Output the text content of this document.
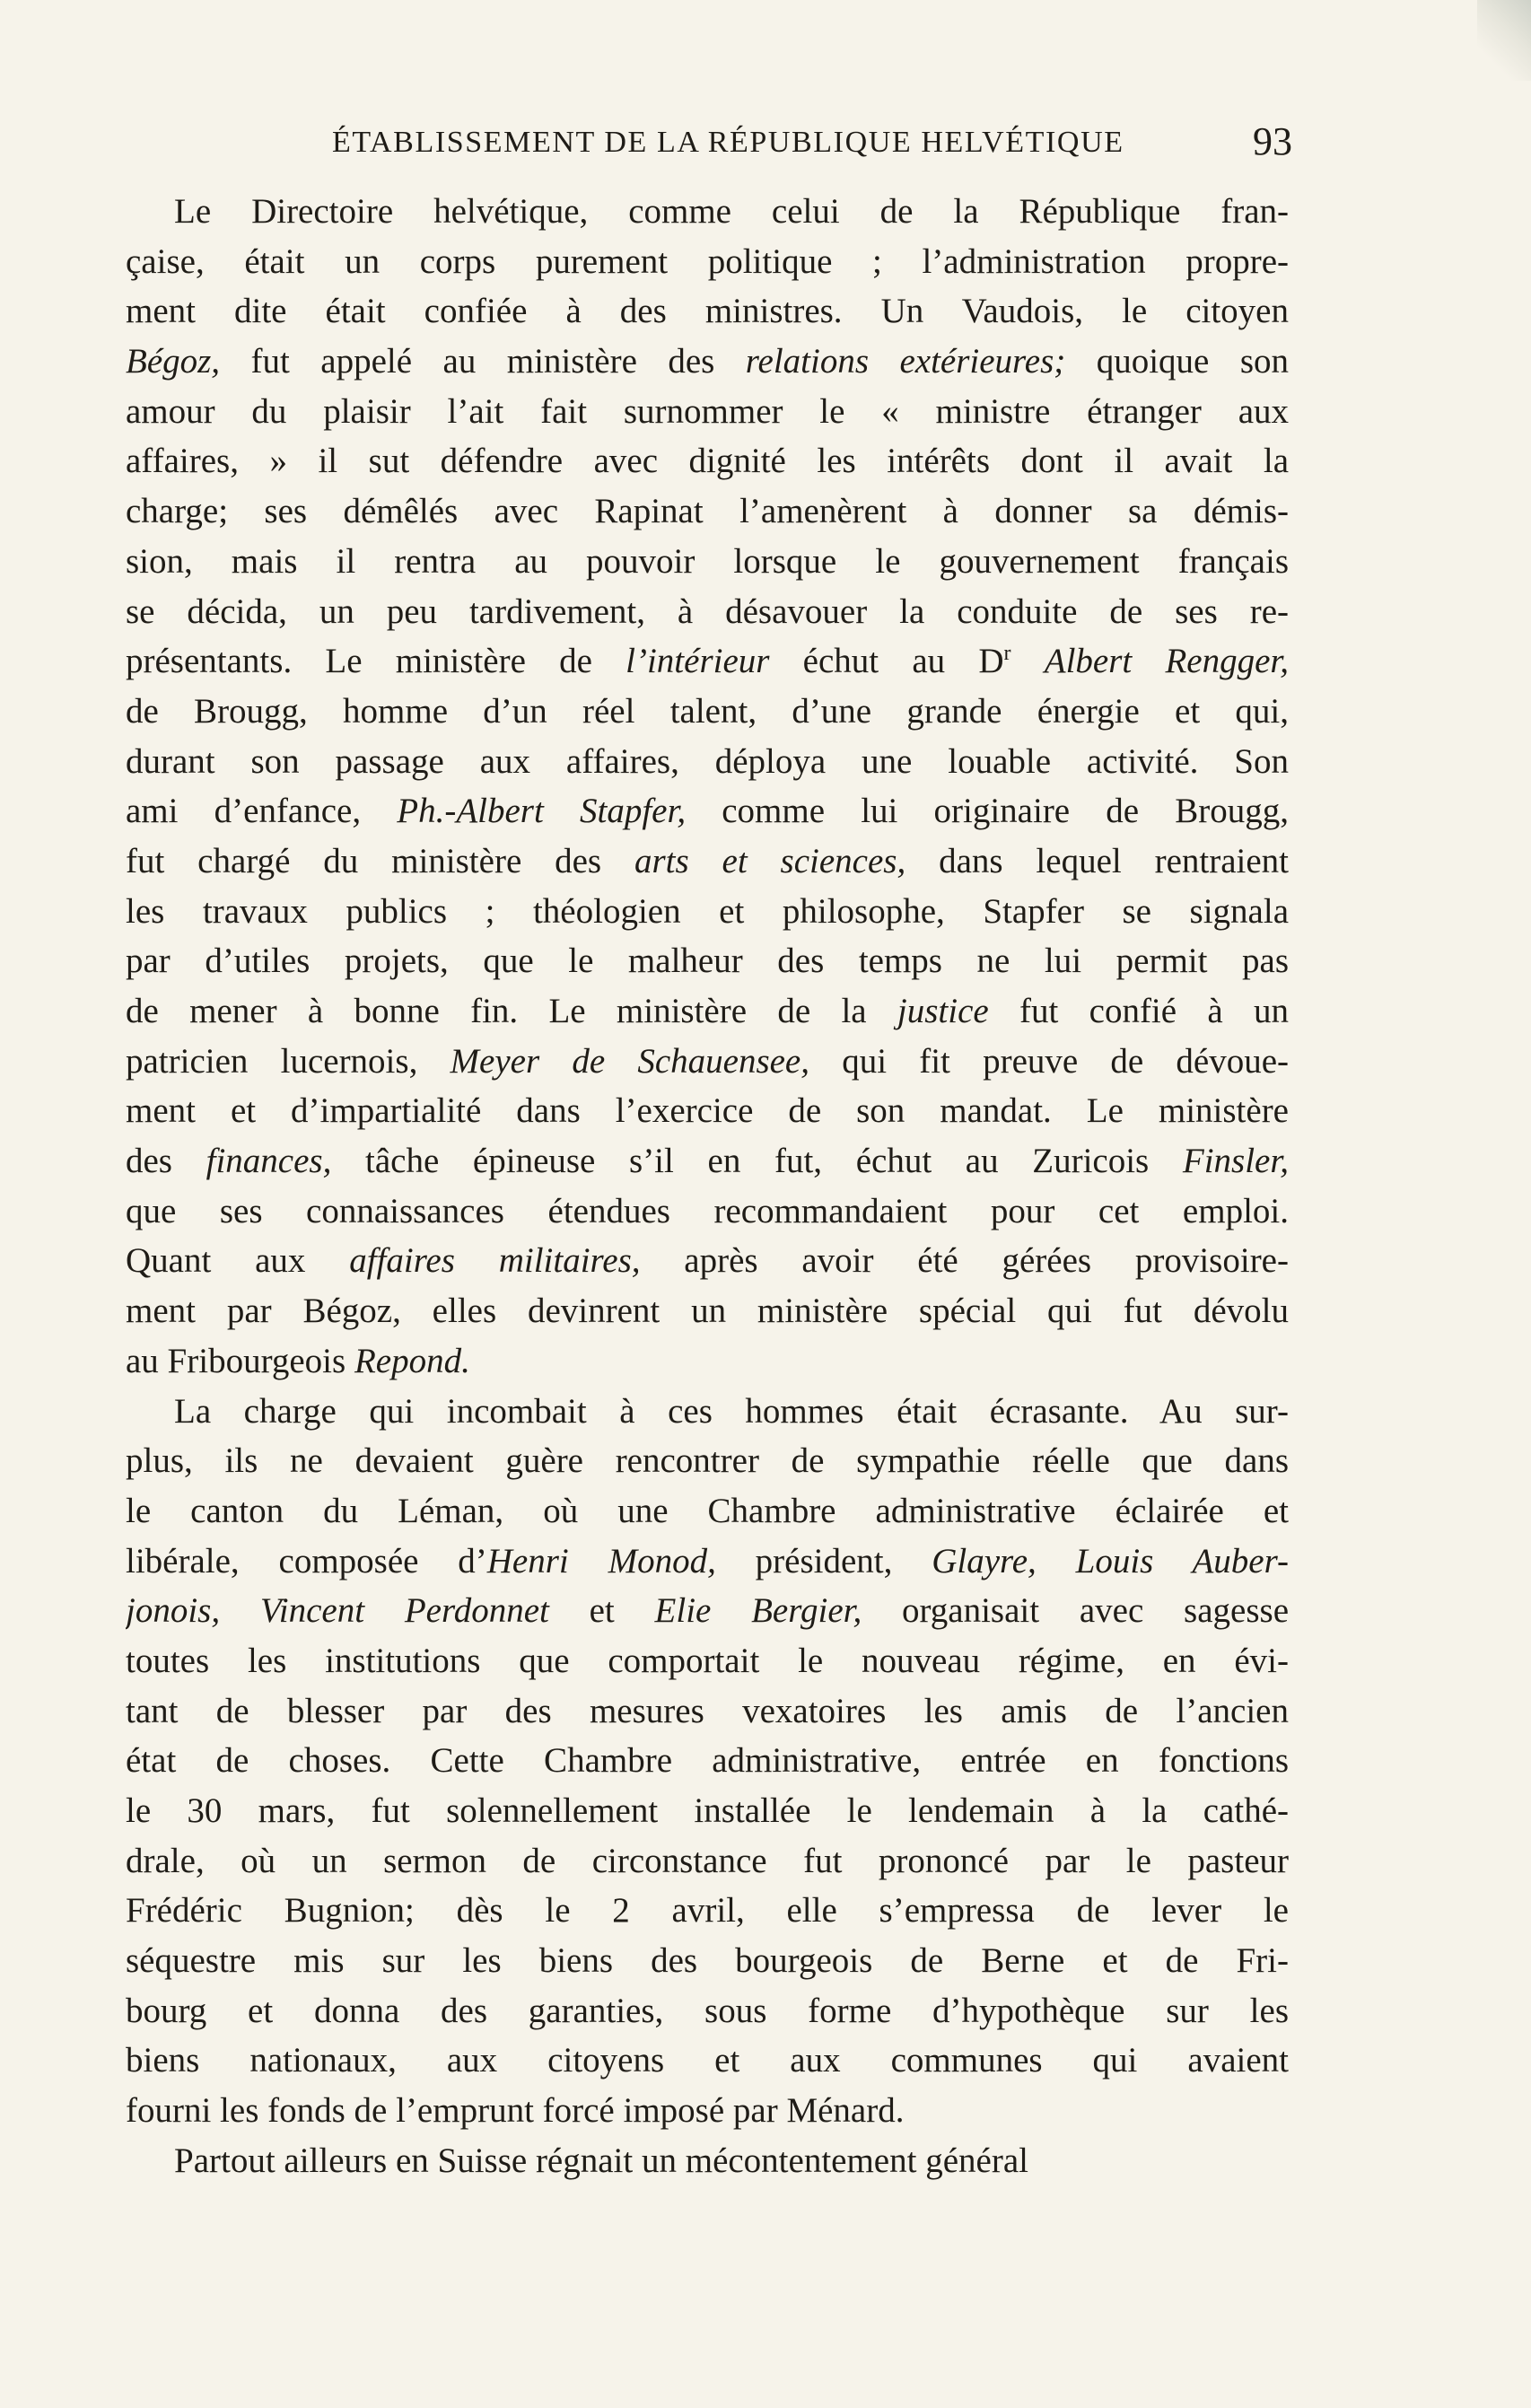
ÉTABLISSEMENT DE LA RÉPUBLIQUE HELVÉTIQUE	93
Le Directoire helvétique, comme celui de la République fran-
çaise, était un corps purement politique ; l’administration propre-
ment dite était confiée à des ministres. Un Vaudois, le citoyen
Bégoz, fut appelé au ministère des relations extérieures; quoique son
amour du plaisir l’ait fait surnommer le « ministre étranger aux
affaires, » il sut défendre avec dignité les intérêts dont il avait la
charge; ses démêlés avec Rapinat l’amenèrent à donner sa démis-
sion, mais il rentra au pouvoir lorsque le gouvernement français
se décida, un peu tardivement, à désavouer la conduite de ses re-
présentants. Le ministère de l’intérieur échut au $D^r$ Albert Rengger,
de Brougg, homme d’un réel talent, d’une grande énergie et qui,
durant son passage aux affaires, déploya une louable activité. Son
ami d’enfance, Ph.-Albert Stapfer, comme lui originaire de Brougg,
fut chargé du ministère des arts et sciences, dans lequel rentraient
les travaux publics ; théologien et philosophe, Stapfer se signala
par d’utiles projets, que le malheur des temps ne lui permit pas
de mener à bonne fin. Le ministère de la justice fut confié à un
patricien lucernois, Meyer de Schauensee, qui fit preuve de dévoue-
ment et d’impartialité dans l’exercice de son mandat. Le ministère
des finances, tâche épineuse s’il en fut, échut au Zuricois Finsler,
que ses connaissances étendues recommandaient pour cet emploi.
Quant aux affaires militaires, après avoir été gérées provisoire-
ment par Bégoz, elles devinrent un ministère spécial qui fut dévolu
au Fribourgeois Repond.
La charge qui incombait à ces hommes était écrasante. Au sur-
plus, ils ne devaient guère rencontrer de sympathie réelle que dans
le canton du Léman, où une Chambre administrative éclairée et
libérale, composée d’Henri Monod, président, Glayre, Louis Auber-
jonois, Vincent Perdonnet et Elie Bergier, organisait avec sagesse
toutes les institutions que comportait le nouveau régime, en évi-
tant de blesser par des mesures vexatoires les amis de l’ancien
état de choses. Cette Chambre administrative, entrée en fonctions
le 30 mars, fut solennellement installée le lendemain à la cathé-
drale, où un sermon de circonstance fut prononcé par le pasteur
Frédéric Bugnion; dès le 2 avril, elle s’empressa de lever le
séquestre mis sur les biens des bourgeois de Berne et de Fri-
bourg et donna des garanties, sous forme d’hypothèque sur les
biens nationaux, aux citoyens et aux communes qui avaient
fourni les fonds de l’emprunt forcé imposé par Ménard.
Partout ailleurs en Suisse régnait un mécontentement général
